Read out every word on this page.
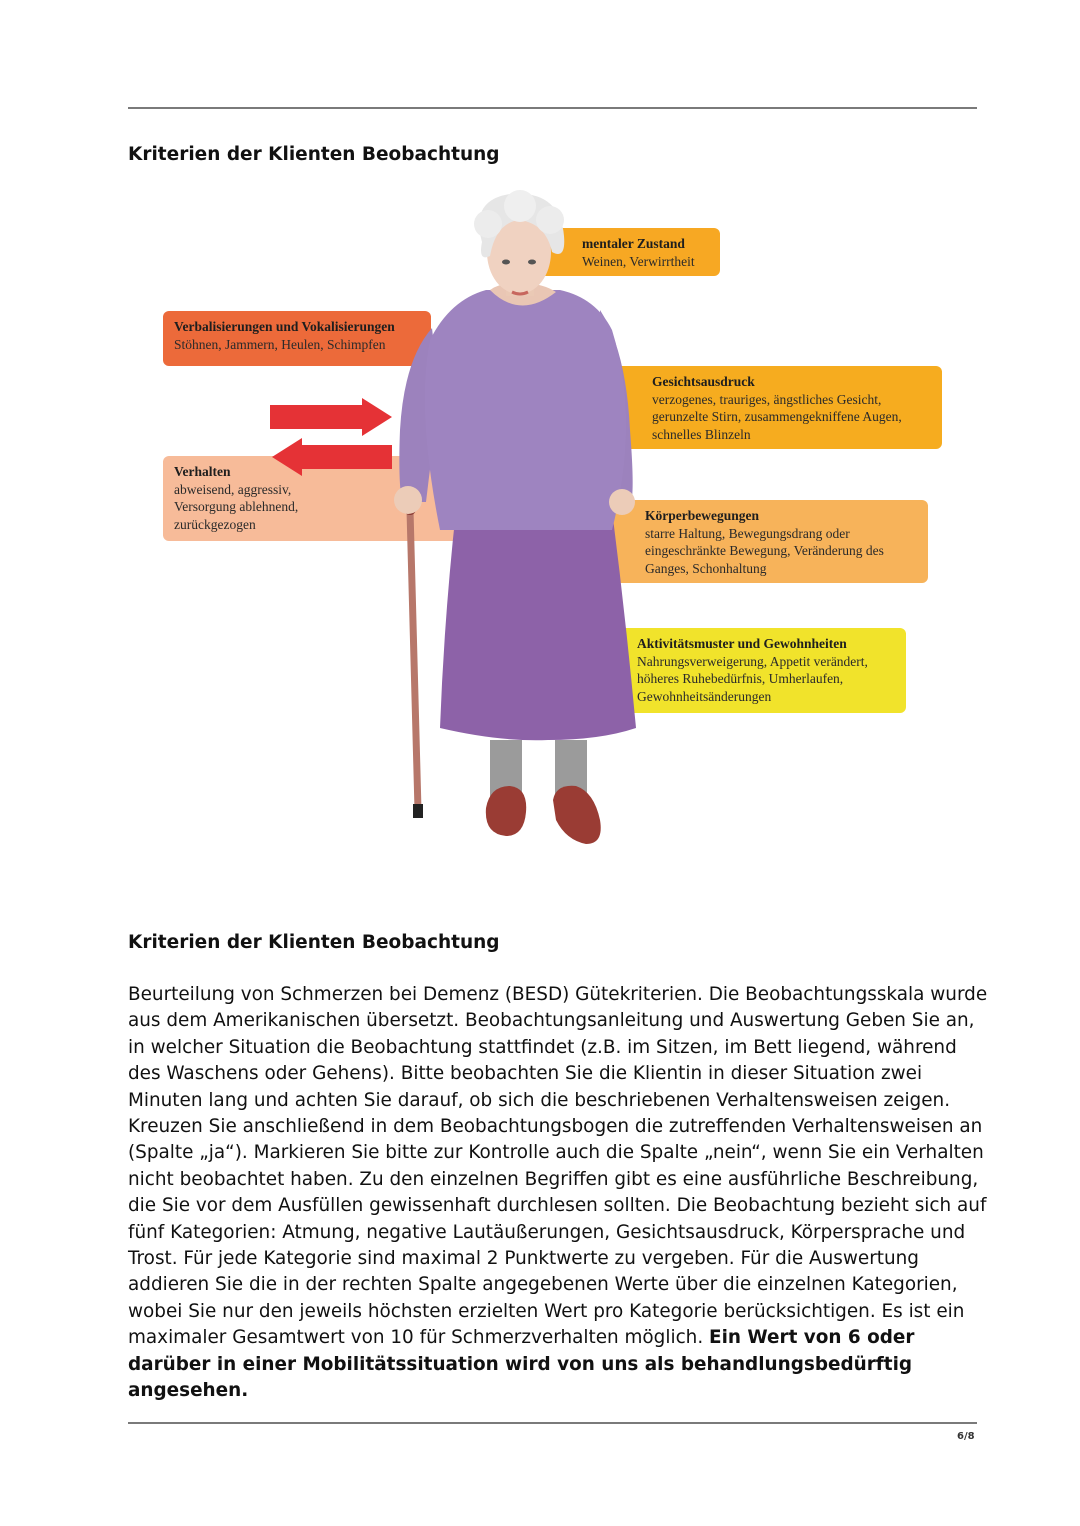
Kriterien der Klienten Beobachtung
Verbalisierungen und Vokalisierungen
Stöhnen, Jammern, Heulen, Schimpfen
Verhalten
abweisend, aggressiv, Versorgung ablehnend, zurückgezogen
mentaler Zustand
Weinen, Verwirrtheit
Gesichtsausdruck
verzogenes, trauriges, ängstliches Gesicht, gerunzelte Stirn, zusammengekniffene Augen, schnelles Blinzeln
Körperbewegungen
starre Haltung, Bewegungsdrang oder eingeschränkte Bewegung, Veränderung des Ganges, Schonhaltung
Aktivitätsmuster und Gewohnheiten
Nahrungsverweigerung, Appetit verändert, höheres Ruhebedürfnis, Umherlaufen, Gewohnheitsänderungen
Kriterien der Klienten Beobachtung
Beurteilung von Schmerzen bei Demenz (BESD) Gütekriterien. Die Beobachtungsskala wurde aus dem Amerikanischen übersetzt. Beobachtungsanleitung und Auswertung Geben Sie an, in welcher Situation die Beobachtung stattfindet (z.B. im Sitzen, im Bett liegend, während des Waschens oder Gehens). Bitte beobachten Sie die Klientin in dieser Situation zwei Minuten lang und achten Sie darauf, ob sich die beschriebenen Verhaltensweisen zeigen. Kreuzen Sie anschließend in dem Beobachtungsbogen die zutreffenden Verhaltensweisen an (Spalte „ja“). Markieren Sie bitte zur Kontrolle auch die Spalte „nein“, wenn Sie ein Verhalten nicht beobachtet haben. Zu den einzelnen Begriffen gibt es eine ausführliche Beschreibung, die Sie vor dem Ausfüllen gewissenhaft durchlesen sollten. Die Beobachtung bezieht sich auf fünf Kategorien: Atmung, negative Lautäußerungen, Gesichtsausdruck, Körpersprache und Trost. Für jede Kategorie sind maximal 2 Punktwerte zu vergeben. Für die Auswertung addieren Sie die in der rechten Spalte angegebenen Werte über die einzelnen Kategorien, wobei Sie nur den jeweils höchsten erzielten Wert pro Kategorie berücksichtigen. Es ist ein maximaler Gesamtwert von 10 für Schmerzverhalten möglich. Ein Wert von 6 oder darüber in einer Mobilitätssituation wird von uns als behandlungsbedürftig angesehen.
6/8
